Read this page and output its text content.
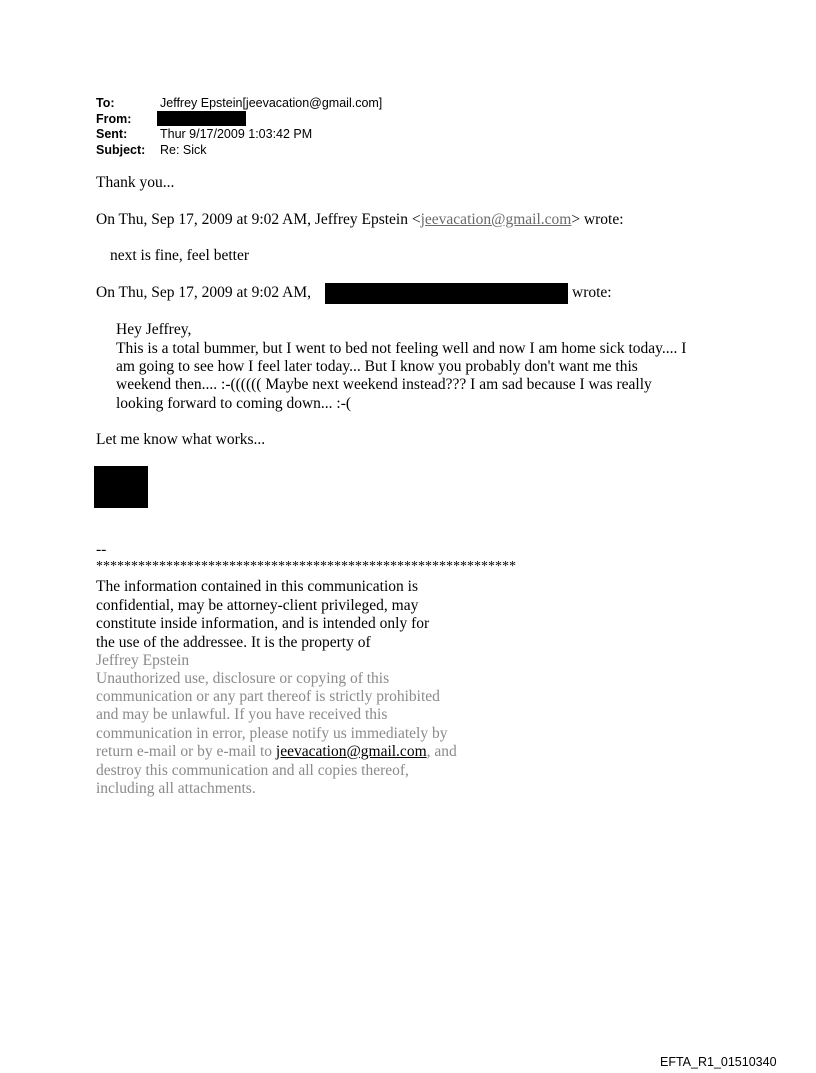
To:	Jeffrey Epstein[jeevacation@gmail.com]
From:
Sent:	Thur 9/17/2009 1:03:42 PM
Subject: Re: Sick
Thank you...
On Thu, Sep 17, 2009 at 9:02 AM, Jeffrey Epstein <jeevacation@gmail.com> wrote:
next is fine, feel better
On Thu, Sep 17, 2009 at 9:02 AM,	wrote:
Hey Jeffrey,
This is a total bummer, but I went to bed not feeling well and now I am home sick today.... I
am going to see how I feel later today... But I know you probably don't want me this
weekend then.... :-(((((( Maybe next weekend instead??? I am sad because I was really
looking forward to coming down... :-(
Let me know what works...
--
************************************************************
The information contained in this communication is
confidential, may be attorney-client privileged, may
constitute inside information, and is intended only for
the use of the addressee. It is the property of
Jeffrey Epstein
Unauthorized use, disclosure or copying of this
communication or any part thereof is strictly prohibited
and may be unlawful. If you have received this
communication in error, please notify us immediately by
return e-mail or by e-mail to jeevacation@gmail.com, and
destroy this communication and all copies thereof,
including all attachments.
EFTA_R1_01510340
